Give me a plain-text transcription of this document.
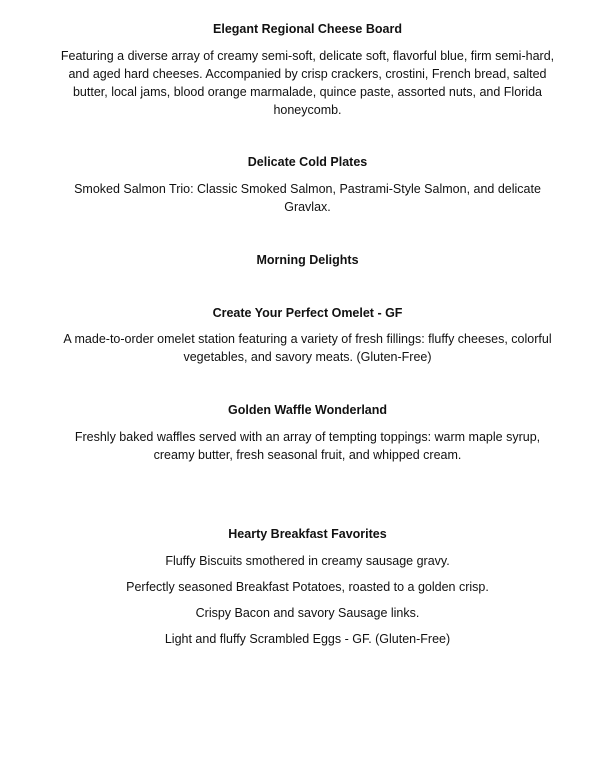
Elegant Regional Cheese Board

Featuring a diverse array of creamy semi-soft, delicate soft, flavorful blue, firm semi-hard, and aged hard cheeses. Accompanied by crisp crackers, crostini, French bread, salted butter, local jams, blood orange marmalade, quince paste, assorted nuts, and Florida honeycomb.

Delicate Cold Plates

Smoked Salmon Trio: Classic Smoked Salmon, Pastrami-Style Salmon, and delicate Gravlax.

Morning Delights

Create Your Perfect Omelet - GF

A made-to-order omelet station featuring a variety of fresh fillings: fluffy cheeses, colorful vegetables, and savory meats. (Gluten-Free)

Golden Waffle Wonderland

Freshly baked waffles served with an array of tempting toppings: warm maple syrup, creamy butter, fresh seasonal fruit, and whipped cream.

Hearty Breakfast Favorites

Fluffy Biscuits smothered in creamy sausage gravy.

Perfectly seasoned Breakfast Potatoes, roasted to a golden crisp.

Crispy Bacon and savory Sausage links.

Light and fluffy Scrambled Eggs - GF. (Gluten-Free)
